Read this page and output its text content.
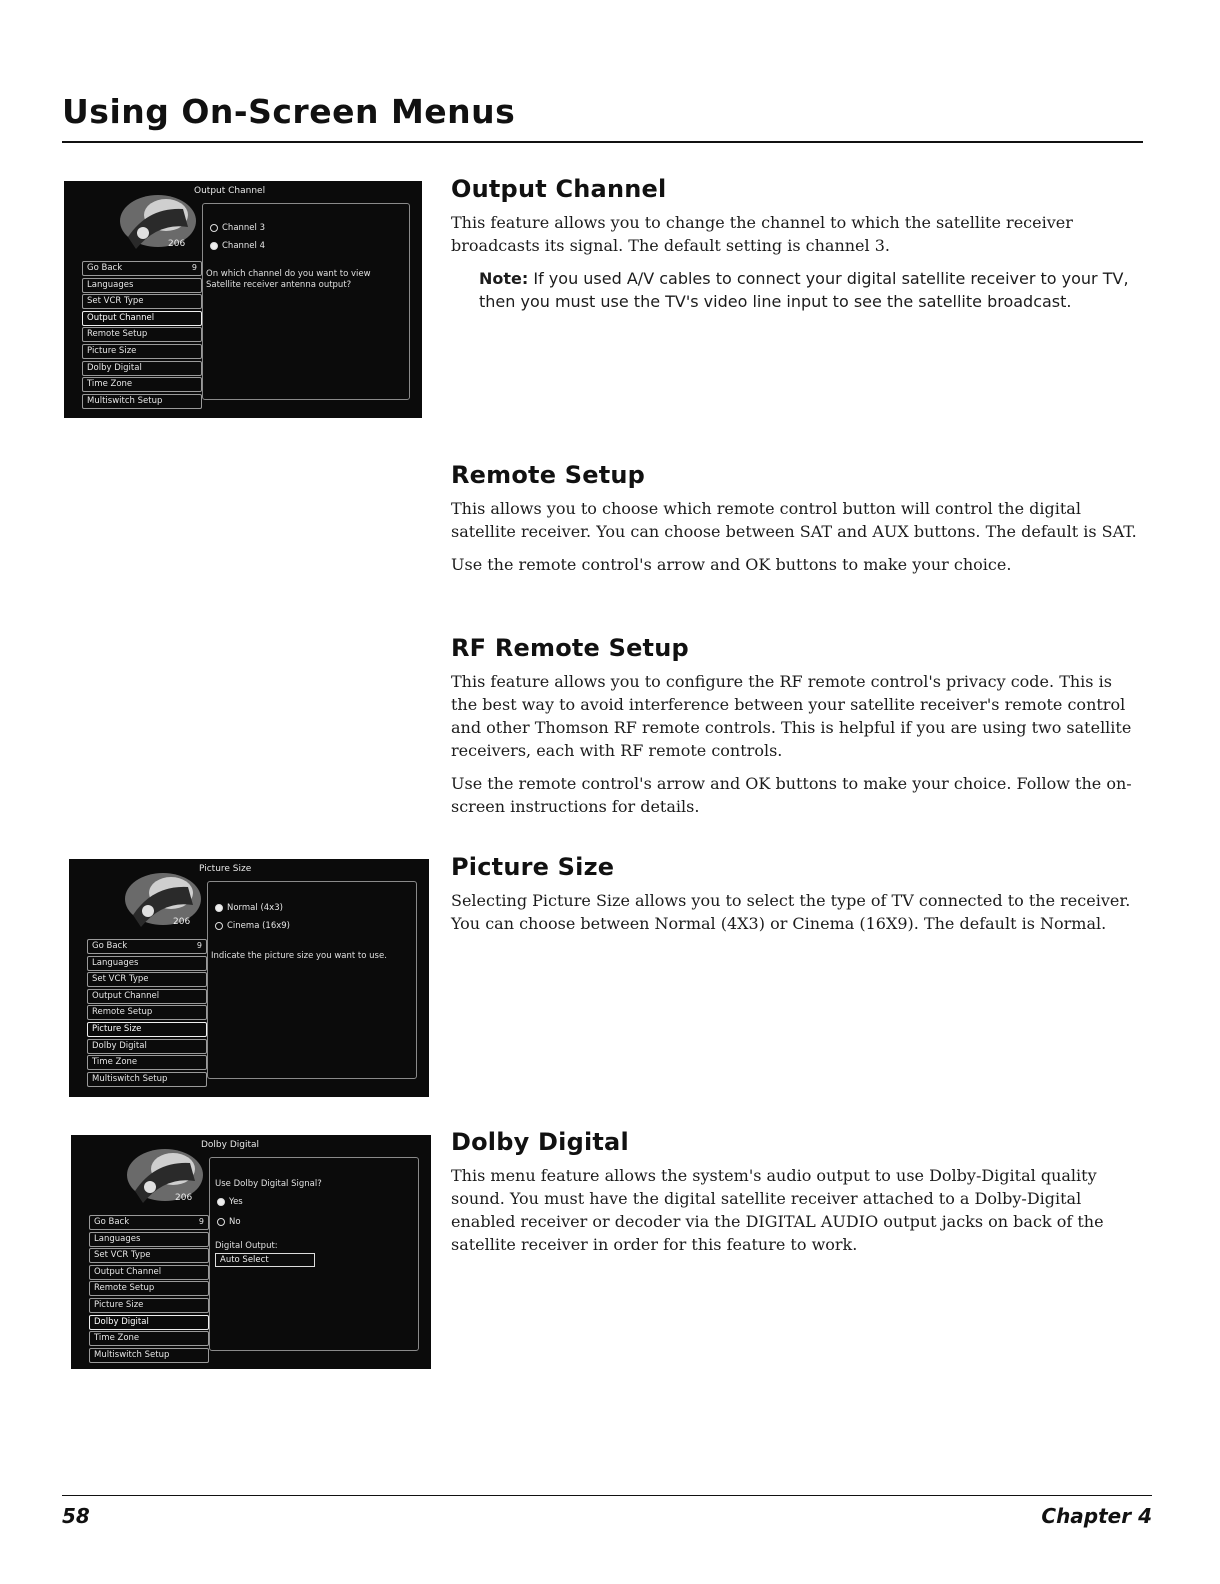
Using On-Screen Menus
206
Output Channel
Go Back	9
Languages
Set VCR Type
Output Channel
Remote Setup
Picture Size
Dolby Digital
Time Zone
Multiswitch Setup
Channel 3
Channel 4
On which channel do you want to view Satellite receiver antenna output?
206
Picture Size
Go Back	9
Languages
Set VCR Type
Output Channel
Remote Setup
Picture Size
Dolby Digital
Time Zone
Multiswitch Setup
Normal (4x3)
Cinema (16x9)
Indicate the picture size you want to use.
206
Dolby Digital
Go Back	9
Languages
Set VCR Type
Output Channel
Remote Setup
Picture Size
Dolby Digital
Time Zone
Multiswitch Setup
Use Dolby Digital Signal?
Yes
No
Digital Output:
Auto Select
Output Channel

This feature allows you to change the channel to which the satellite receiver broadcasts its signal. The default setting is channel 3.

Note: If you used A/V cables to connect your digital satellite receiver to your TV, then you must use the TV's video line input to see the satellite broadcast.

Remote Setup

This allows you to choose which remote control button will control the digital satellite receiver. You can choose between SAT and AUX buttons. The default is SAT.

Use the remote control's arrow and OK buttons to make your choice.

RF Remote Setup

This feature allows you to configure the RF remote control's privacy code. This is the best way to avoid interference between your satellite receiver's remote control and other Thomson RF remote controls. This is helpful if you are using two satellite receivers, each with RF remote controls.

Use the remote control's arrow and OK buttons to make your choice. Follow the on-screen instructions for details.

Picture Size

Selecting Picture Size allows you to select the type of TV connected to the receiver. You can choose between Normal (4X3) or Cinema (16X9). The default is Normal.

Dolby Digital

This menu feature allows the system's audio output to use Dolby-Digital quality sound. You must have the digital satellite receiver attached to a Dolby-Digital enabled receiver or decoder via the DIGITAL AUDIO output jacks on back of the satellite receiver in order for this feature to work.

58	Chapter 4
